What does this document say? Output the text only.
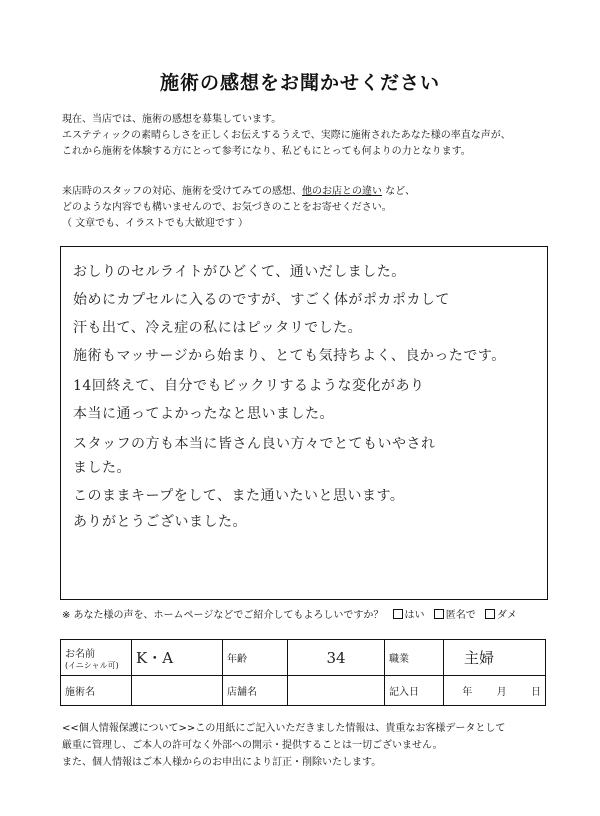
施術の感想をお聞かせください
現在、当店では、施術の感想を募集しています。
エステティックの素晴らしさを正しくお伝えするうえで、実際に施術されたあなた様の率直な声が、
これから施術を体験する方にとって参考になり、私どもにとっても何よりの力となります。
来店時のスタッフの対応、施術を受けてみての感想、他のお店との違い など、
どのような内容でも構いませんので、お気づきのことをお寄せください。
（ 文章でも、イラストでも大歓迎です ）
おしりのセルライトがひどくて、通いだしました。
始めにカプセルに入るのですが、すごく体がポカポカして
汗も出て、冷え症の私にはピッタリでした。
施術もマッサージから始まり、とても気持ちよく、良かったです。
14回終えて、自分でもビックリするような変化があり
本当に通ってよかったなと思いました。
スタッフの方も本当に皆さん良い方々でとてもいやされ
ました。
このままキープをして、また通いたいと思います。
ありがとうございました。
※ あなた様の声を、ホームページなどでご紹介してもよろしいですか？ はい 匿名で ダメ
お名前
(イニシャル可)	K・A	年齢	34	職業	主婦
施術名		店舗名		記入日	年 月 日
<<個人情報保護について>>この用紙にご記入いただきました情報は、貴重なお客様データとして
厳重に管理し、ご本人の許可なく外部への開示・提供することは一切ございません。
また、個人情報はご本人様からのお申出により訂正・削除いたします。
